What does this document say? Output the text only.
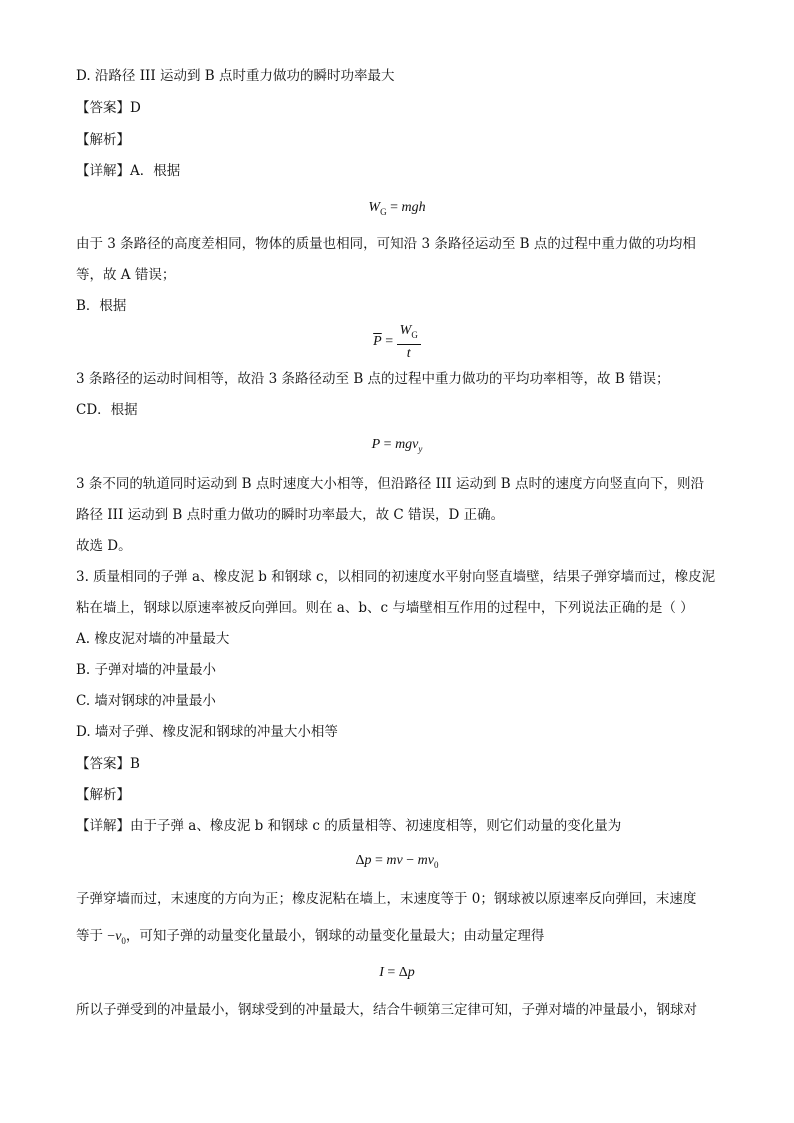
D. 沿路径 III 运动到 B 点时重力做功的瞬时功率最大
【答案】D
【解析】
【详解】A．根据
$W_G$ = mgh
由于 3 条路径的高度差相同，物体的质量也相同，可知沿 3 条路径运动至 B 点的过程中重力做的功均相
等，故 A 错误；
B．根据
$\overline{P} = \frac{W_G}{t}$
3 条路径的运动时间相等，故沿 3 条路径动至 B 点的过程中重力做功的平均功率相等，故 B 错误；
CD．根据
P = mgv$_y$
3 条不同的轨道同时运动到 B 点时速度大小相等，但沿路径 III 运动到 B 点时的速度方向竖直向下，则沿
路径 III 运动到 B 点时重力做功的瞬时功率最大，故 C 错误，D 正确。
故选 D。
3. 质量相同的子弹 a、橡皮泥 b 和钢球 c，以相同的初速度水平射向竖直墙壁，结果子弹穿墙而过，橡皮泥
粘在墙上，钢球以原速率被反向弹回。则在 a、b、c 与墙壁相互作用的过程中，下列说法正确的是（ ）
A. 橡皮泥对墙的冲量最大
B. 子弹对墙的冲量最小
C. 墙对钢球的冲量最小
D. 墙对子弹、橡皮泥和钢球的冲量大小相等
【答案】B
【解析】
【详解】由于子弹 a、橡皮泥 b 和钢球 c 的质量相等、初速度相等，则它们动量的变化量为
Δp = mv − $mv_0$
子弹穿墙而过，末速度的方向为正；橡皮泥粘在墙上，末速度等于 0；钢球被以原速率反向弹回，末速度
等于 $-v_0$，可知子弹的动量变化量最小，钢球的动量变化量最大；由动量定理得
I = Δp
所以子弹受到的冲量最小，钢球受到的冲量最大，结合牛顿第三定律可知，子弹对墙的冲量最小，钢球对
